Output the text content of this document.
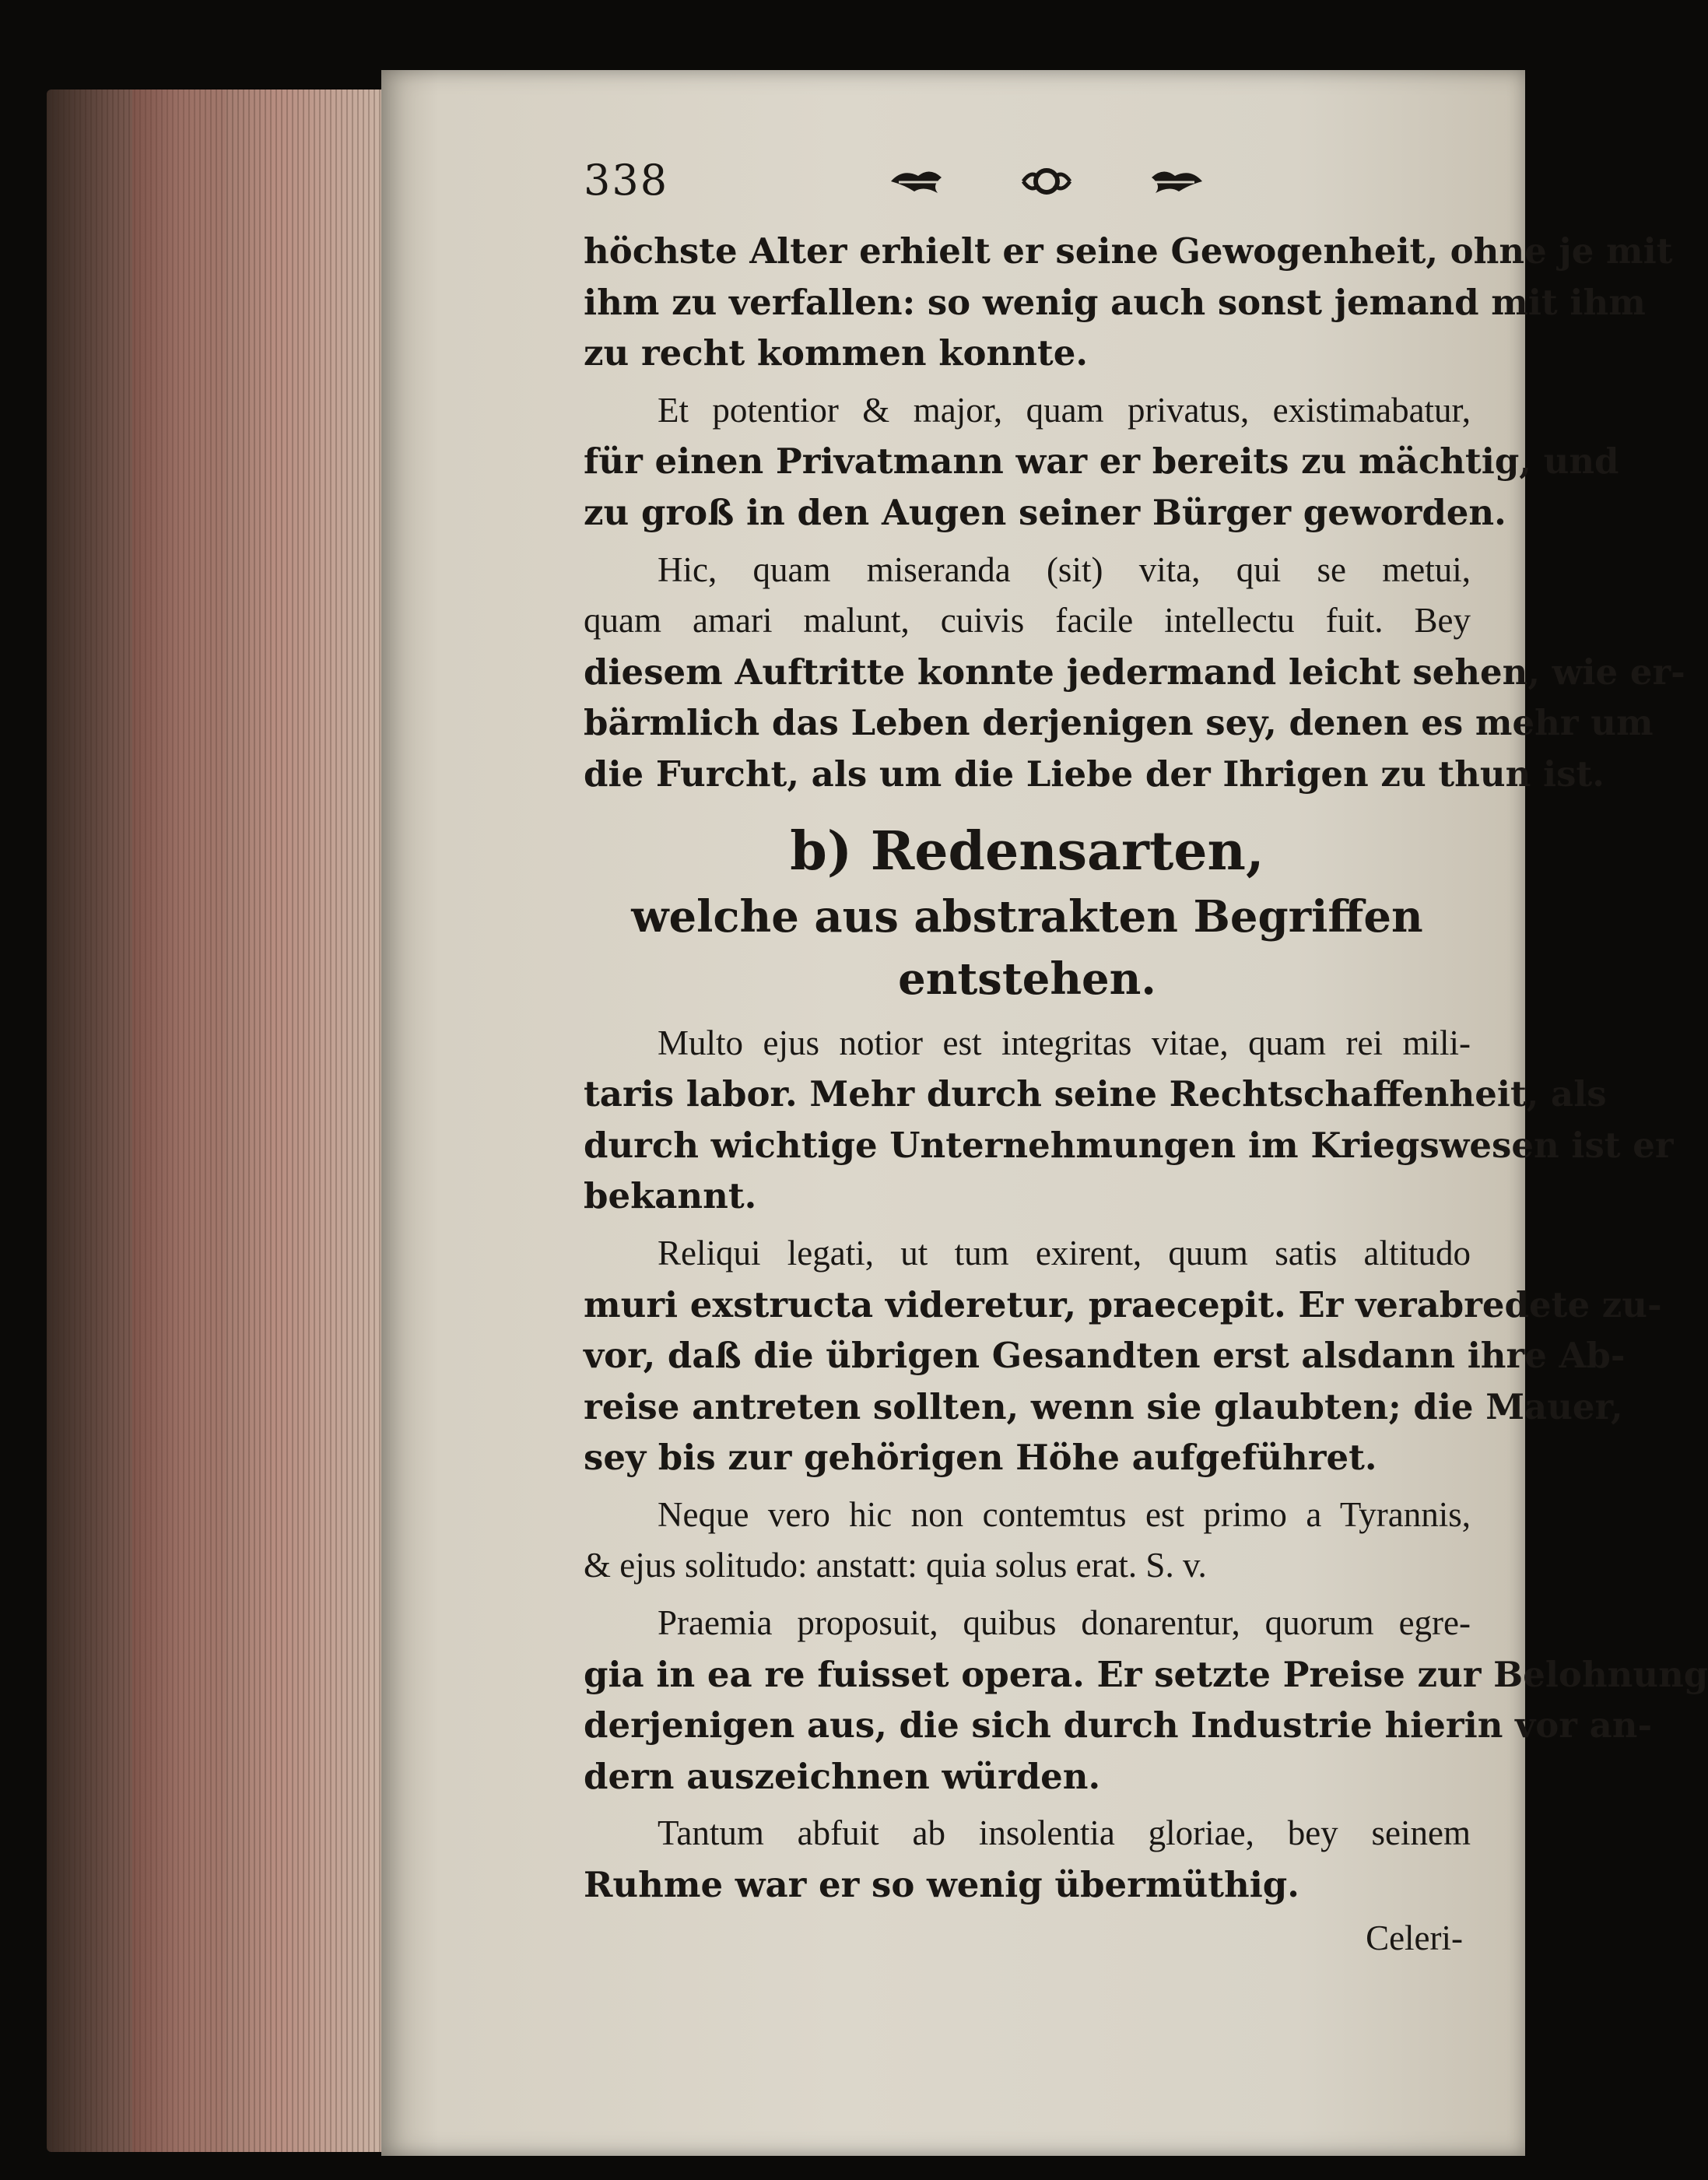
338
höchste Alter erhielt er seine Gewogenheit, ohne je mit
ihm zu verfallen: so wenig auch sonst jemand mit ihm
zu recht kommen konnte.
Et potentior & major, quam privatus, existimabatur,
für einen Privatmann war er bereits zu mächtig, und
zu groß in den Augen seiner Bürger geworden.
Hic, quam miseranda (sit) vita, qui se metui,
quam amari malunt, cuivis facile intellectu fuit. Bey
diesem Auftritte konnte jedermand leicht sehen, wie er-
bärmlich das Leben derjenigen sey, denen es mehr um
die Furcht, als um die Liebe der Ihrigen zu thun ist.
b) Redensarten,
welche aus abstrakten Begriffen entstehen.
Multo ejus notior est integritas vitae, quam rei mili-
taris labor. Mehr durch seine Rechtschaffenheit, als
durch wichtige Unternehmungen im Kriegswesen ist er
bekannt.
Reliqui legati, ut tum exirent, quum satis altitudo
muri exstructa videretur, praecepit. Er verabredete zu-
vor, daß die übrigen Gesandten erst alsdann ihre Ab-
reise antreten sollten, wenn sie glaubten; die Mauer,
sey bis zur gehörigen Höhe aufgeführet.
Neque vero hic non contemtus est primo a Tyrannis,
& ejus solitudo: anstatt: quia solus erat. S. v.
Praemia proposuit, quibus donarentur, quorum egre-
gia in ea re fuisset opera. Er setzte Preise zur Belohnung
derjenigen aus, die sich durch Industrie hierin vor an-
dern auszeichnen würden.
Tantum abfuit ab insolentia gloriae, bey seinem
Ruhme war er so wenig übermüthig.
Celeri-
